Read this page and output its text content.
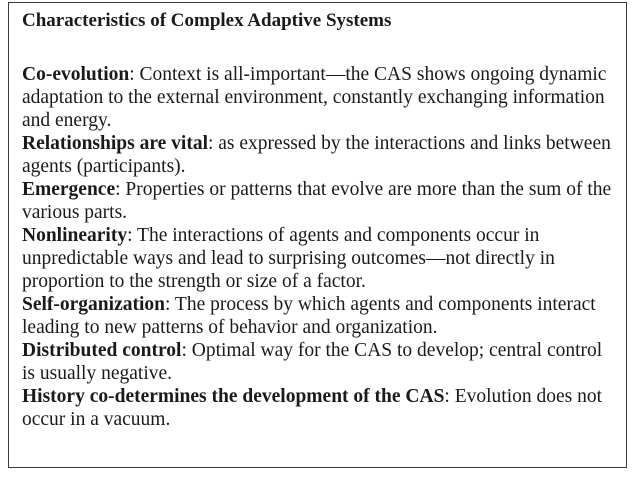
Characteristics of Complex Adaptive Systems
Co-evolution: Context is all-important—the CAS shows ongoing dynamic adaptation to the external environment, constantly exchanging information and energy.
Relationships are vital: as expressed by the interactions and links between agents (participants).
Emergence: Properties or patterns that evolve are more than the sum of the various parts.
Nonlinearity: The interactions of agents and components occur in unpredictable ways and lead to surprising outcomes—not directly in proportion to the strength or size of a factor.
Self-organization: The process by which agents and components interact leading to new patterns of behavior and organization.
Distributed control: Optimal way for the CAS to develop; central control is usually negative.
History co-determines the development of the CAS: Evolution does not occur in a vacuum.
